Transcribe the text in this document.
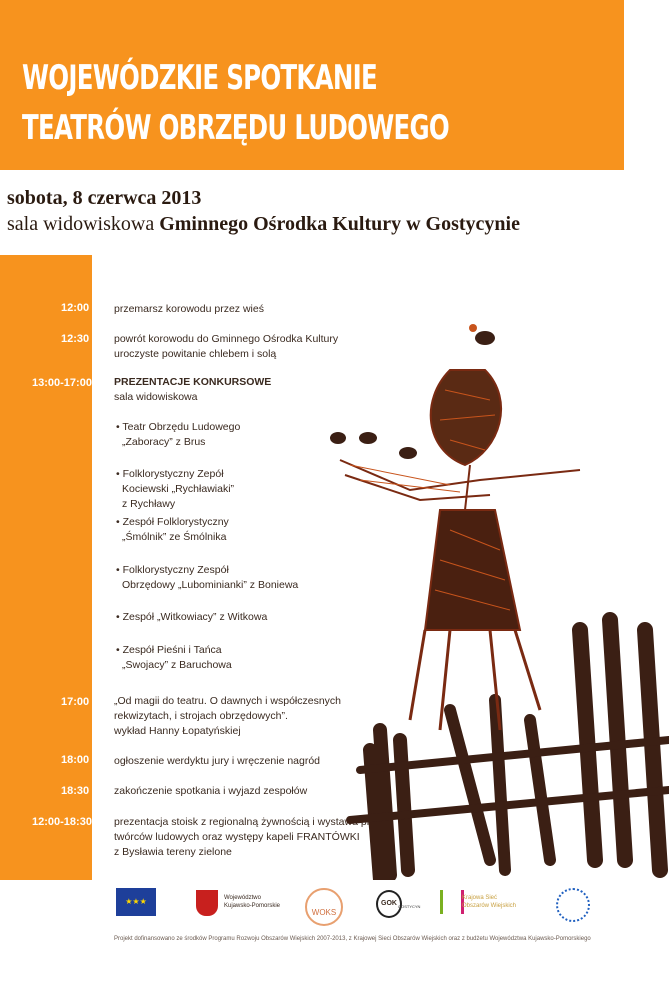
WOJEWÓDZKIE SPOTKANIE
TEATRÓW OBRZĘDU LUDOWEGO
sobota, 8 czerwca 2013
sala widowiskowa Gminnego Ośrodka Kultury w Gostycynie
12:00
12:30
13:00-17:00
17:00
18:00
18:30
12:00-18:30
przemarsz korowodu przez wieś
powrót korowodu do Gminnego Ośrodka Kultury
uroczyste powitanie chlebem i solą
PREZENTACJE KONKURSOWE
sala widowiskowa
• Teatr Obrzędu Ludowego
„Zaboracy” z Brus
• Folklorystyczny Zepół
Kociewski „Rychławiaki”
z Rychławy
• Zespół Folklorystyczny
„Śmólnik” ze Śmólnika
• Folklorystyczny Zespół
Obrzędowy „Lubominianki” z Boniewa
• Zespół „Witkowiacy” z Witkowa
• Zespół Pieśni i Tańca
„Swojacy” z Baruchowa
„Od magii do teatru. O dawnych i współczesnych
rekwizytach, i strojach obrzędowych”.
wykład Hanny Łopatyńskiej
ogłoszenie werdyktu jury i wręczenie nagród
zakończenie spotkania i wyjazd zespołów
prezentacja stoisk z regionalną żywnością i wystawa prac
twórców ludowych oraz występy kapeli FRANTÓWKI
z Bysławia tereny zielone
★★★	Województwo
Kujawsko-Pomorskie
WOKS
GOK GOSTYCYN
Krajowa Sieć
Obszarów Wiejskich
Projekt dofinansowano ze środków Programu Rozwoju Obszarów Wiejskich 2007-2013, z Krajowej Sieci Obszarów Wiejskich oraz z budżetu Województwa Kujawsko-Pomorskiego
